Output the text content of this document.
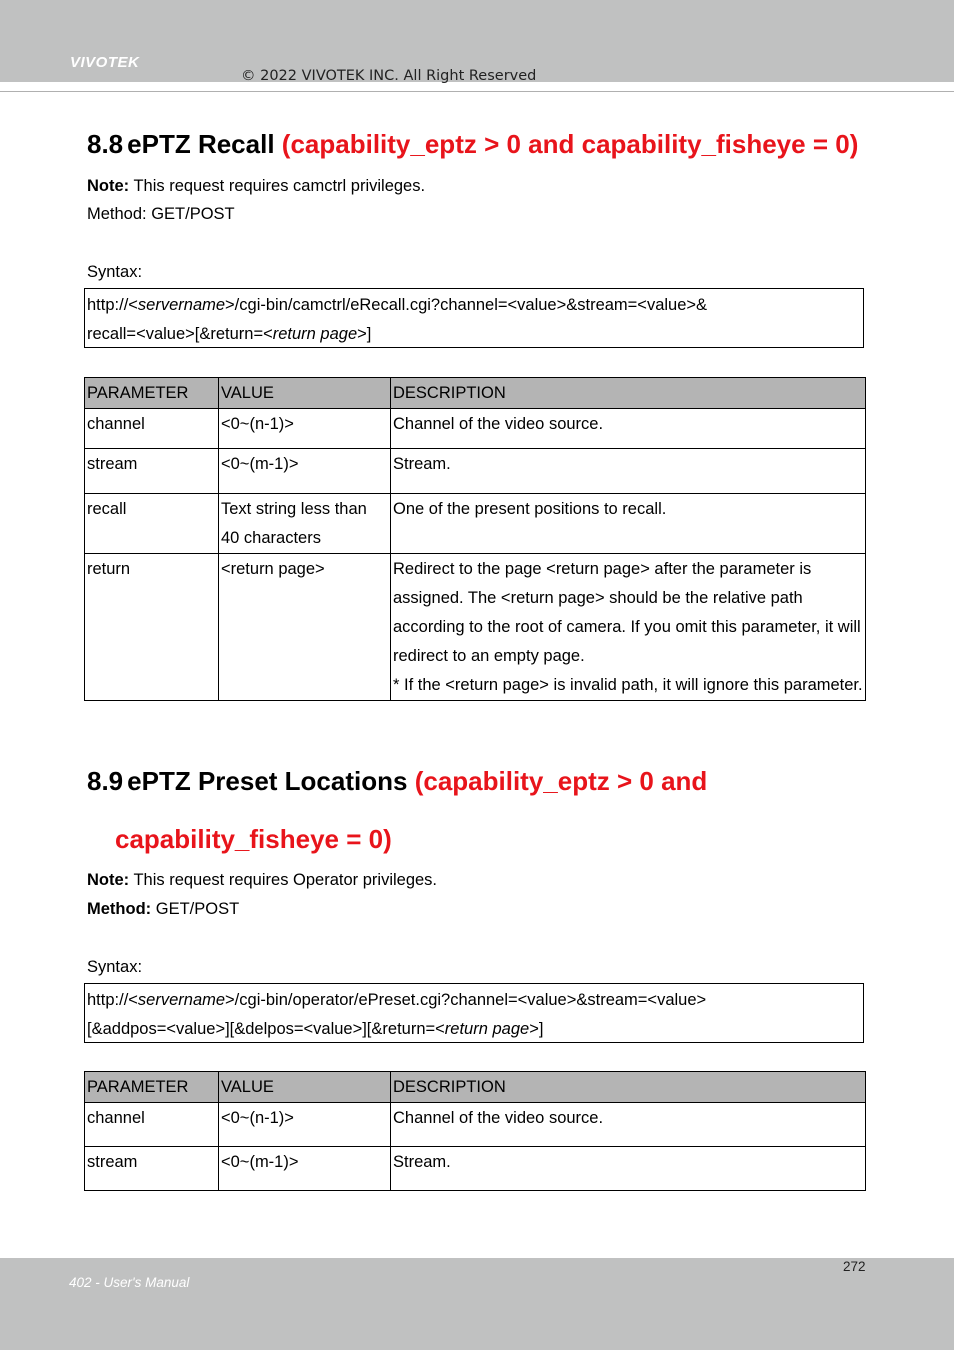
VIVOTEK
© 2022 VIVOTEK INC. All Right Reserved
8.8 ePTZ Recall (capability_eptz > 0 and capability_fisheye = 0)
Note: This request requires camctrl privileges.
Method: GET/POST
Syntax:
http://<servername>/cgi-bin/camctrl/eRecall.cgi?channel=<value>&stream=<value>&
recall=<value>[&return=<return page>]
PARAMETER	VALUE	DESCRIPTION
channel	<0~(n-1)>	Channel of the video source.
stream	<0~(m-1)>	Stream.
recall	Text string less than 40 characters	One of the present positions to recall.
return	<return page>	Redirect to the page <return page> after the parameter is assigned. The <return page> should be the relative path according to the root of camera. If you omit this parameter, it will redirect to an empty page.
* If the <return page> is invalid path, it will ignore this parameter.
8.9 ePTZ Preset Locations (capability_eptz > 0 and
capability_fisheye = 0)
Note: This request requires Operator privileges.
Method: GET/POST
Syntax:
http://<servername>/cgi-bin/operator/ePreset.cgi?channel=<value>&stream=<value>
[&addpos=<value>][&delpos=<value>][&return=<return page>]
PARAMETER	VALUE	DESCRIPTION
channel	<0~(n-1)>	Channel of the video source.
stream	<0~(m-1)>	Stream.
272
402 - User's Manual
